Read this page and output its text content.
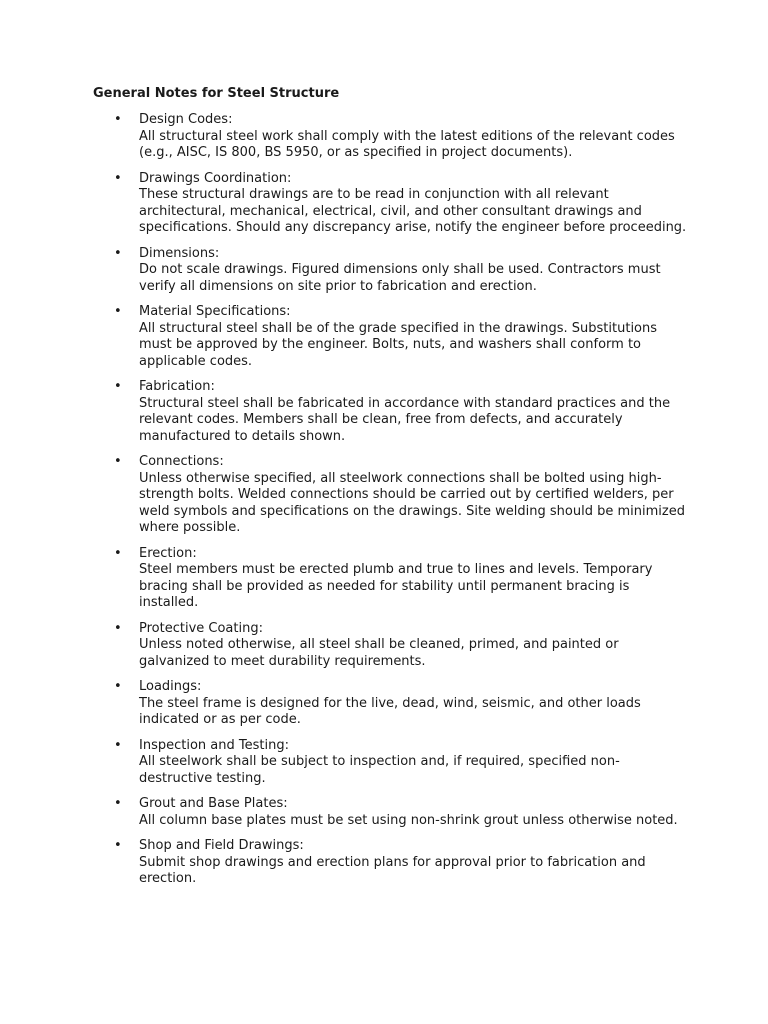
General Notes for Steel Structure
• Design Codes:
All structural steel work shall comply with the latest editions of the relevant codes (e.g., AISC, IS 800, BS 5950, or as specified in project documents).
• Drawings Coordination:
These structural drawings are to be read in conjunction with all relevant architectural, mechanical, electrical, civil, and other consultant drawings and specifications. Should any discrepancy arise, notify the engineer before proceeding.
• Dimensions:
Do not scale drawings. Figured dimensions only shall be used. Contractors must verify all dimensions on site prior to fabrication and erection.
• Material Specifications:
All structural steel shall be of the grade specified in the drawings. Substitutions must be approved by the engineer. Bolts, nuts, and washers shall conform to applicable codes.
• Fabrication:
Structural steel shall be fabricated in accordance with standard practices and the relevant codes. Members shall be clean, free from defects, and accurately manufactured to details shown.
• Connections:
Unless otherwise specified, all steelwork connections shall be bolted using high-strength bolts. Welded connections should be carried out by certified welders, per weld symbols and specifications on the drawings. Site welding should be minimized where possible.
• Erection:
Steel members must be erected plumb and true to lines and levels. Temporary bracing shall be provided as needed for stability until permanent bracing is installed.
• Protective Coating:
Unless noted otherwise, all steel shall be cleaned, primed, and painted or galvanized to meet durability requirements.
• Loadings:
The steel frame is designed for the live, dead, wind, seismic, and other loads indicated or as per code.
• Inspection and Testing:
All steelwork shall be subject to inspection and, if required, specified non-destructive testing.
• Grout and Base Plates:
All column base plates must be set using non-shrink grout unless otherwise noted.
• Shop and Field Drawings:
Submit shop drawings and erection plans for approval prior to fabrication and erection.
